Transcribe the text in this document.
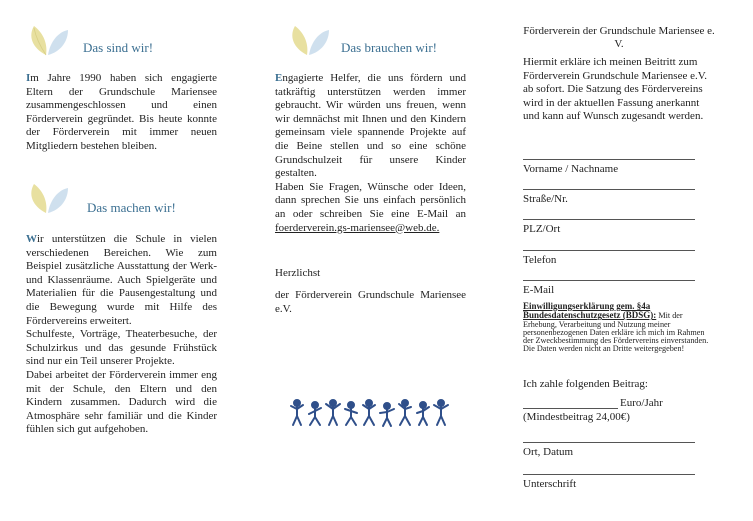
Das sind wir!
Im Jahre 1990 haben sich engagierte Eltern der Grundschule Mariensee zusammengeschlossen und einen Förderverein gegründet. Bis heute konnte der Förderverein mit immer neuen Mitgliedern bestehen bleiben.
Das machen wir!

Wir unterstützen die Schule in vielen verschiedenen Bereichen. Wie zum Beispiel zusätzliche Ausstattung der Werk- und Klassenräume. Auch Spielgeräte und Materialien für die Pausengestaltung und die Bewegung wurde mit Hilfe des Fördervereins erweitert.

Schulfeste, Vorträge, Theaterbesuche, der Schulzirkus und das gesunde Frühstück sind nur ein Teil unserer Projekte.

Dabei arbeitet der Förderverein immer eng mit der Schule, den Eltern und den Kindern zusammen. Dadurch wird die Atmosphäre sehr familiär und die Kinder fühlen sich gut aufgehoben.

Das brauchen wir!

Engagierte Helfer, die uns fördern und tatkräftig unterstützen werden immer gebraucht. Wir würden uns freuen, wenn wir demnächst mit Ihnen und den Kindern gemeinsam viele spannende Projekte auf die Beine stellen und so eine schöne Grundschulzeit für unsere Kinder gestalten.

Haben Sie Fragen, Wünsche oder Ideen, dann sprechen Sie uns einfach persönlich an oder schreiben Sie eine E-Mail an foerderverein.gs-mariensee@web.de.

Herzlichst
der Förderverein Grundschule Mariensee e.V.
Förderverein der Grundschule Mariensee e. V.
Hiermit erkläre ich meinen Beitritt zum Förderverein Grundschule Mariensee e.V. ab sofort. Die Satzung des Fördervereins wird in der aktuellen Fassung anerkannt und kann auf Wunsch zugesandt werden.
Vorname / Nachname
Straße/Nr.
PLZ/Ort
Telefon
E-Mail
Einwilligungserklärung gem. §4a Bundesdatenschutzgesetz (BDSG): Mit der Erhebung, Verarbeitung und Nutzung meiner personenbezogenen Daten erkläre ich mich im Rahmen der Zweckbestimmung des Fördervereins einverstanden. Die Daten werden nicht an Dritte weitergegeben!
Ich zahle folgenden Beitrag:
Euro/Jahr
(Mindestbeitrag 24,00€)
Ort, Datum
Unterschrift
